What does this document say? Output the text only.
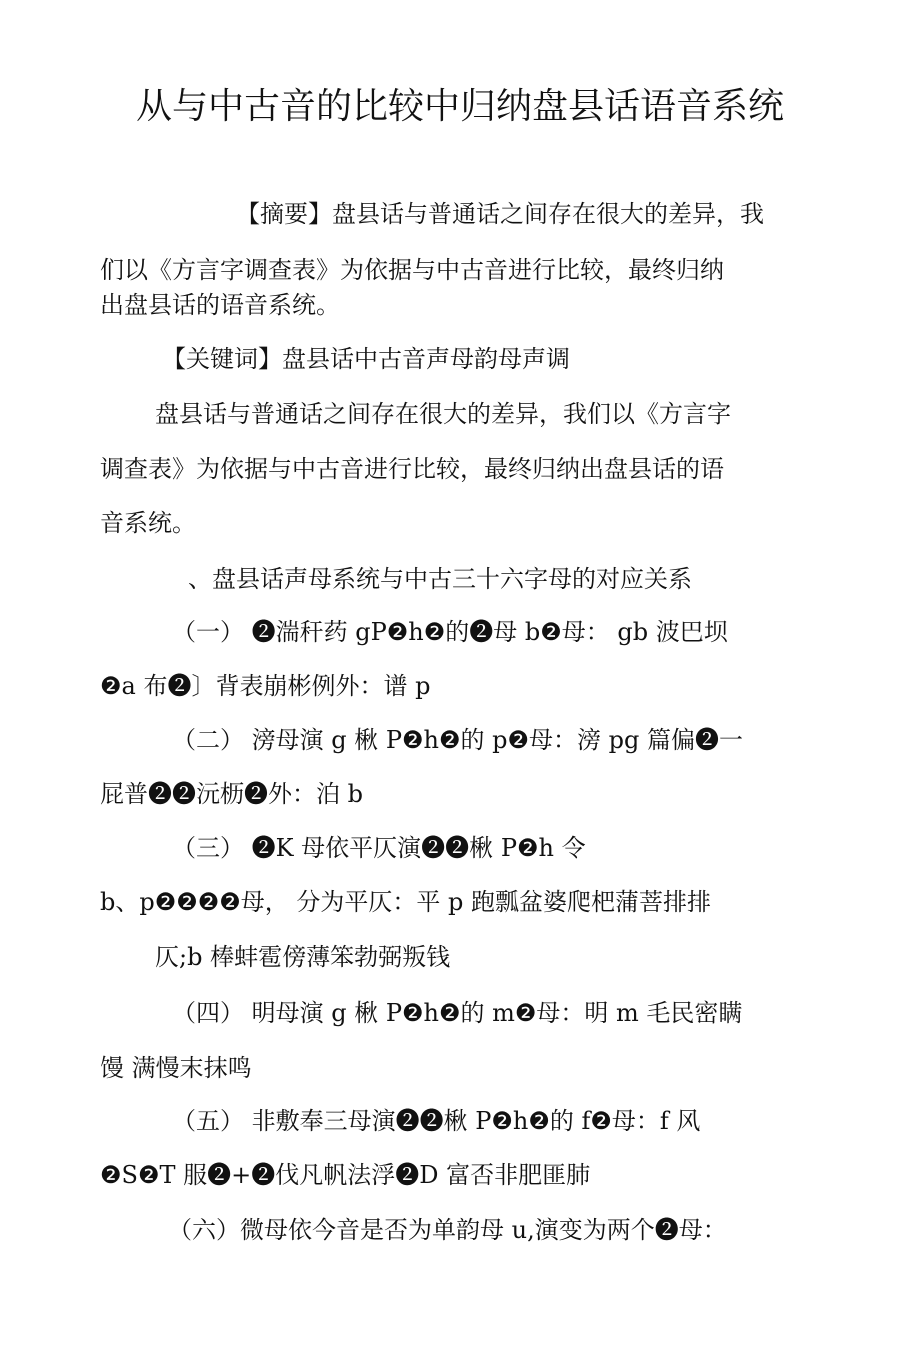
从与中古音的比较中归纳盘县话语音系统

【摘要】盘县话与普通话之间存在很大的差异，我

们以《方言字调查表》为依据与中古音进行比较，最终归纳

出盘县话的语音系统。

【关键词】盘县话中古音声母韵母声调

盘县话与普通话之间存在很大的差异，我们以《方言字

调查表》为依据与中古音进行比较，最终归纳出盘县话的语

音系统。

、盘县话声母系统与中古三十六字母的对应关系

（一） ❷湍秆药 gP❷h❷的❷母 b❷母： gb 波巴坝

❷a 布❷〕背表崩彬例外：谱 p

（二） 滂母演 g 楸 P❷h❷的 p❷母：滂 pg 篇偏❷一

屁普❷❷沅枥❷外：泊 b

（三） ❷K 母依平仄演❷❷楸 P❷h 令

b、p❷❷❷❷母， 分为平仄：平 p 跑瓢盆婆爬杷蒲菩排排

仄;b 棒蚌雹傍薄笨勃弼叛钱

（四） 明母演 g 楸 P❷h❷的 m❷母：明 m 毛民密瞒

馒 满慢末抹鸣

（五） 非敷奉三母演❷❷楸 P❷h❷的 f❷母：f 风

❷S❷T 服❷+❷伐凡帆法浮❷D 富否非肥匪肺

（六）微母依今音是否为单韵母 u,演变为两个❷母：
